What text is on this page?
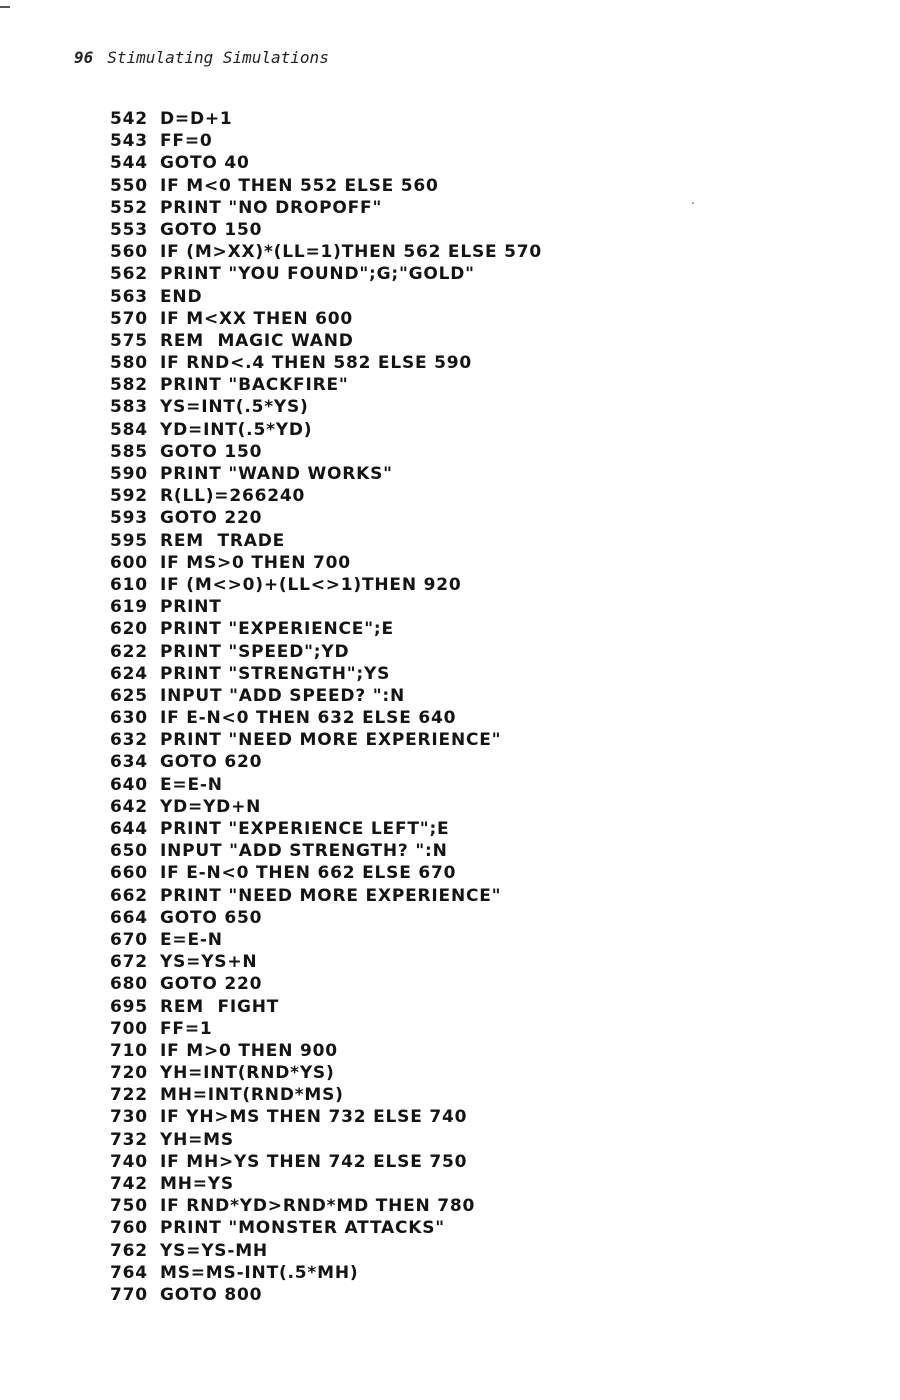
96 Stimulating Simulations
542 D=D+1
543 FF=0
544 GOTO 40
550 IF M<0 THEN 552 ELSE 560
552 PRINT "NO DROPOFF"
553 GOTO 150
560 IF (M>XX)*(LL=1)THEN 562 ELSE 570
562 PRINT "YOU FOUND";G;"GOLD"
563 END
570 IF M<XX THEN 600
575 REM  MAGIC WAND
580 IF RND<.4 THEN 582 ELSE 590
582 PRINT "BACKFIRE"
583 YS=INT(.5*YS)
584 YD=INT(.5*YD)
585 GOTO 150
590 PRINT "WAND WORKS"
592 R(LL)=266240
593 GOTO 220
595 REM  TRADE
600 IF MS>0 THEN 700
610 IF (M<>0)+(LL<>1)THEN 920
619 PRINT
620 PRINT "EXPERIENCE";E
622 PRINT "SPEED";YD
624 PRINT "STRENGTH";YS
625 INPUT "ADD SPEED? ":N
630 IF E-N<0 THEN 632 ELSE 640
632 PRINT "NEED MORE EXPERIENCE"
634 GOTO 620
640 E=E-N
642 YD=YD+N
644 PRINT "EXPERIENCE LEFT";E
650 INPUT "ADD STRENGTH? ":N
660 IF E-N<0 THEN 662 ELSE 670
662 PRINT "NEED MORE EXPERIENCE"
664 GOTO 650
670 E=E-N
672 YS=YS+N
680 GOTO 220
695 REM  FIGHT
700 FF=1
710 IF M>0 THEN 900
720 YH=INT(RND*YS)
722 MH=INT(RND*MS)
730 IF YH>MS THEN 732 ELSE 740
732 YH=MS
740 IF MH>YS THEN 742 ELSE 750
742 MH=YS
750 IF RND*YD>RND*MD THEN 780
760 PRINT "MONSTER ATTACKS"
762 YS=YS-MH
764 MS=MS-INT(.5*MH)
770 GOTO 800
